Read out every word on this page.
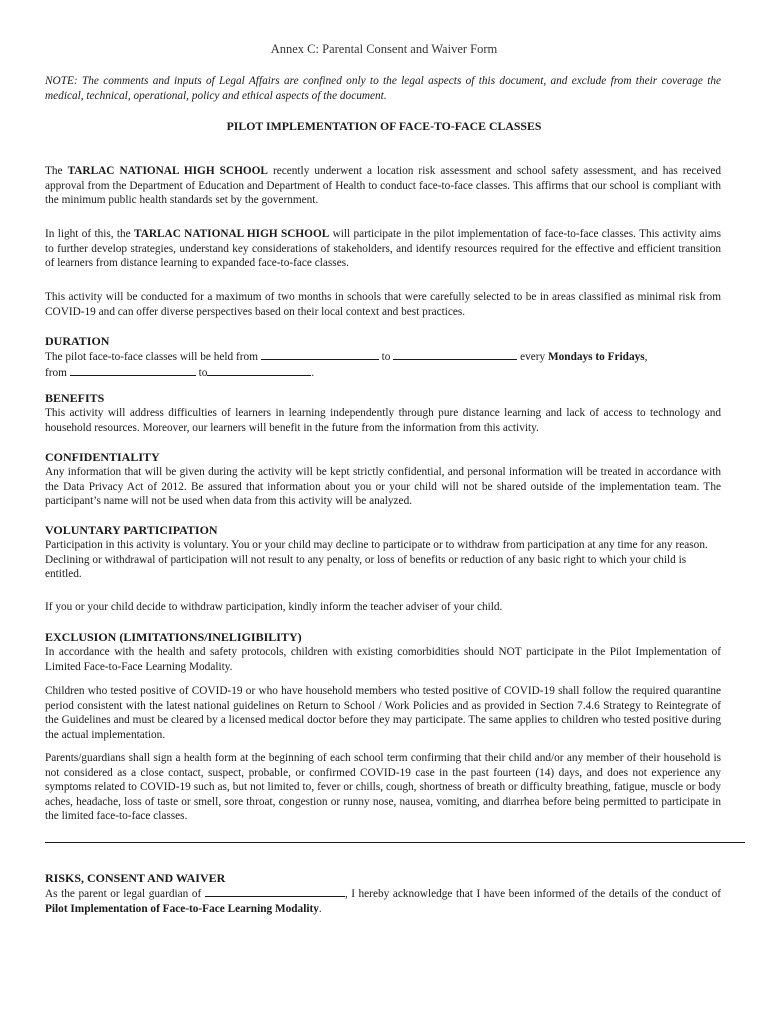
Annex C: Parental Consent and Waiver Form

NOTE: The comments and inputs of Legal Affairs are confined only to the legal aspects of this document, and exclude from their coverage the medical, technical, operational, policy and ethical aspects of the document.

PILOT IMPLEMENTATION OF FACE-TO-FACE CLASSES

The TARLAC NATIONAL HIGH SCHOOL recently underwent a location risk assessment and school safety assessment, and has received approval from the Department of Education and Department of Health to conduct face-to-face classes. This affirms that our school is compliant with the minimum public health standards set by the government.

In light of this, the TARLAC NATIONAL HIGH SCHOOL will participate in the pilot implementation of face-to-face classes. This activity aims to further develop strategies, understand key considerations of stakeholders, and identify resources required for the effective and efficient transition of learners from distance learning to expanded face-to-face classes.

This activity will be conducted for a maximum of two months in schools that were carefully selected to be in areas classified as minimal risk from COVID-19 and can offer diverse perspectives based on their local context and best practices.

DURATION

The pilot face-to-face classes will be held from	to	every Mondays to Fridays,
from	to	.

BENEFITS

This activity will address difficulties of learners in learning independently through pure distance learning and lack of access to technology and household resources. Moreover, our learners will benefit in the future from the information from this activity.

CONFIDENTIALITY

Any information that will be given during the activity will be kept strictly confidential, and personal information will be treated in accordance with the Data Privacy Act of 2012. Be assured that information about you or your child will not be shared outside of the implementation team. The participant’s name will not be used when data from this activity will be analyzed.

VOLUNTARY PARTICIPATION

Participation in this activity is voluntary. You or your child may decline to participate or to withdraw from participation at any time for any reason. Declining or withdrawal of participation will not result to any penalty, or loss of benefits or reduction of any basic right to which your child is entitled.

If you or your child decide to withdraw participation, kindly inform the teacher adviser of your child.

EXCLUSION (LIMITATIONS/INELIGIBILITY)

In accordance with the health and safety protocols, children with existing comorbidities should NOT participate in the Pilot Implementation of Limited Face-to-Face Learning Modality.

Children who tested positive of COVID-19 or who have household members who tested positive of COVID-19 shall follow the required quarantine period consistent with the latest national guidelines on Return to School / Work Policies and as provided in Section 7.4.6 Strategy to Reintegrate of the Guidelines and must be cleared by a licensed medical doctor before they may participate. The same applies to children who tested positive during the actual implementation.

Parents/guardians shall sign a health form at the beginning of each school term confirming that their child and/or any member of their household is not considered as a close contact, suspect, probable, or confirmed COVID-19 case in the past fourteen (14) days, and does not experience any symptoms related to COVID-19 such as, but not limited to, fever or chills, cough, shortness of breath or difficulty breathing, fatigue, muscle or body aches, headache, loss of taste or smell, sore throat, congestion or runny nose, nausea, vomiting, and diarrhea before being permitted to participate in the limited face-to-face classes.

RISKS, CONSENT AND WAIVER

As the parent or legal guardian of	, I hereby acknowledge that I have been informed of the details of the conduct of Pilot Implementation of Face-to-Face Learning Modality.
